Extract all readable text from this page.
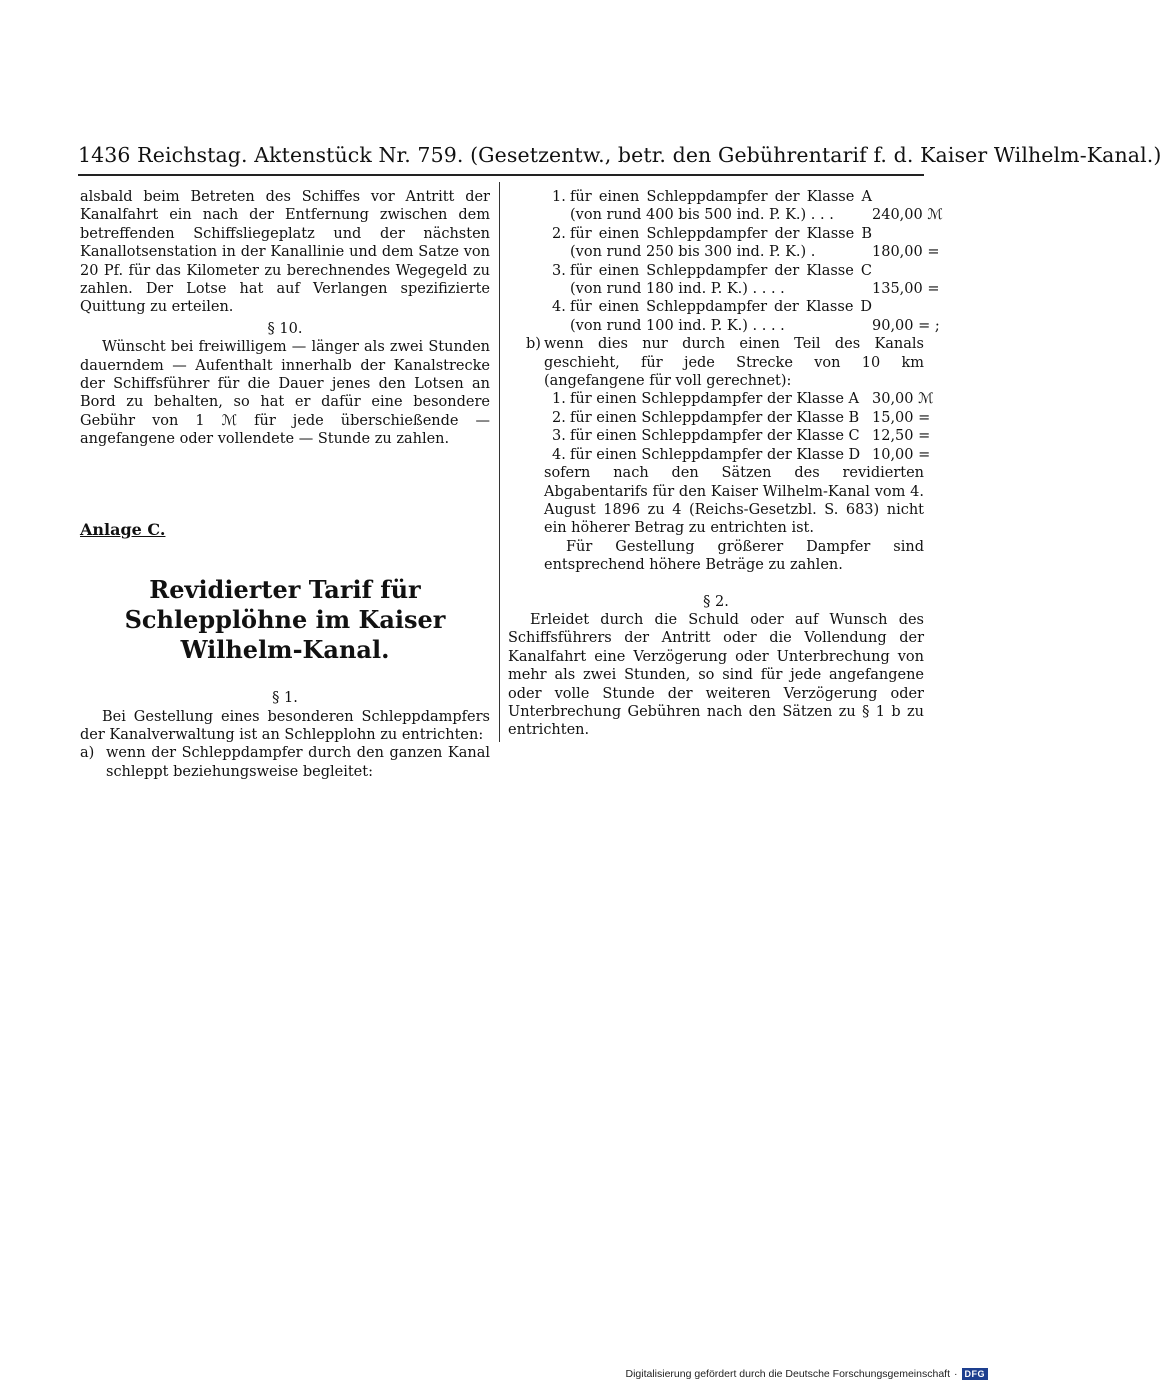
1436 Reichstag. Aktenstück Nr. 759. (Gesetzentw., betr. den Gebührentarif f. d. Kaiser Wilhelm-Kanal.)

alsbald beim Betreten des Schiffes vor Antritt der Kanalfahrt ein nach der Entfernung zwischen dem betreffenden Schiffsliegeplatz und der nächsten Kanallotsenstation in der Kanallinie und dem Satze von 20 Pf. für das Kilometer zu berechnendes Wegegeld zu zahlen. Der Lotse hat auf Verlangen spezifizierte Quittung zu erteilen.

§ 10.

Wünscht bei freiwilligem — länger als zwei Stunden dauerndem — Aufenthalt innerhalb der Kanalstrecke der Schiffsführer für die Dauer jenes den Lotsen an Bord zu behalten, so hat er dafür eine besondere Gebühr von 1 ℳ für jede überschießende — angefangene oder vollendete — Stunde zu zahlen.

Anlage C.

Revidierter Tarif für Schlepplöhne im Kaiser Wilhelm-Kanal.

§ 1.

Bei Gestellung eines besonderen Schleppdampfers der Kanalverwaltung ist an Schlepplohn zu entrichten:

a) wenn der Schleppdampfer durch den ganzen Kanal schleppt beziehungsweise begleitet:

1. für einen Schleppdampfer der Klasse A (von rund 400 bis 500 ind. P. K.) . . .	240,00 ℳ
2. für einen Schleppdampfer der Klasse B (von rund 250 bis 300 ind. P. K.) .	180,00 =
3. für einen Schleppdampfer der Klasse C (von rund 180 ind. P. K.) . . . .	135,00 =
4. für einen Schleppdampfer der Klasse D (von rund 100 ind. P. K.) . . . .	90,00 = ;
b) wenn dies nur durch einen Teil des Kanals geschieht, für jede Strecke von 10 km (angefangene für voll gerechnet):

1. für einen Schleppdampfer der Klasse A 30,00 ℳ
2. für einen Schleppdampfer der Klasse B 15,00 =
3. für einen Schleppdampfer der Klasse C 12,50 =
4. für einen Schleppdampfer der Klasse D 10,00 =

sofern nach den Sätzen des revidierten Abgabentarifs für den Kaiser Wilhelm-Kanal vom 4. August 1896 zu 4 (Reichs-Gesetzbl. S. 683) nicht ein höherer Betrag zu entrichten ist.

Für Gestellung größerer Dampfer sind entsprechend höhere Beträge zu zahlen.

§ 2.

Erleidet durch die Schuld oder auf Wunsch des Schiffsführers der Antritt oder die Vollendung der Kanalfahrt eine Verzögerung oder Unterbrechung von mehr als zwei Stunden, so sind für jede angefangene oder volle Stunde der weiteren Verzögerung oder Unterbrechung Gebühren nach den Sätzen zu § 1 b zu entrichten.

Digitalisierung gefördert durch die Deutsche Forschungsgemeinschaft · DFG
